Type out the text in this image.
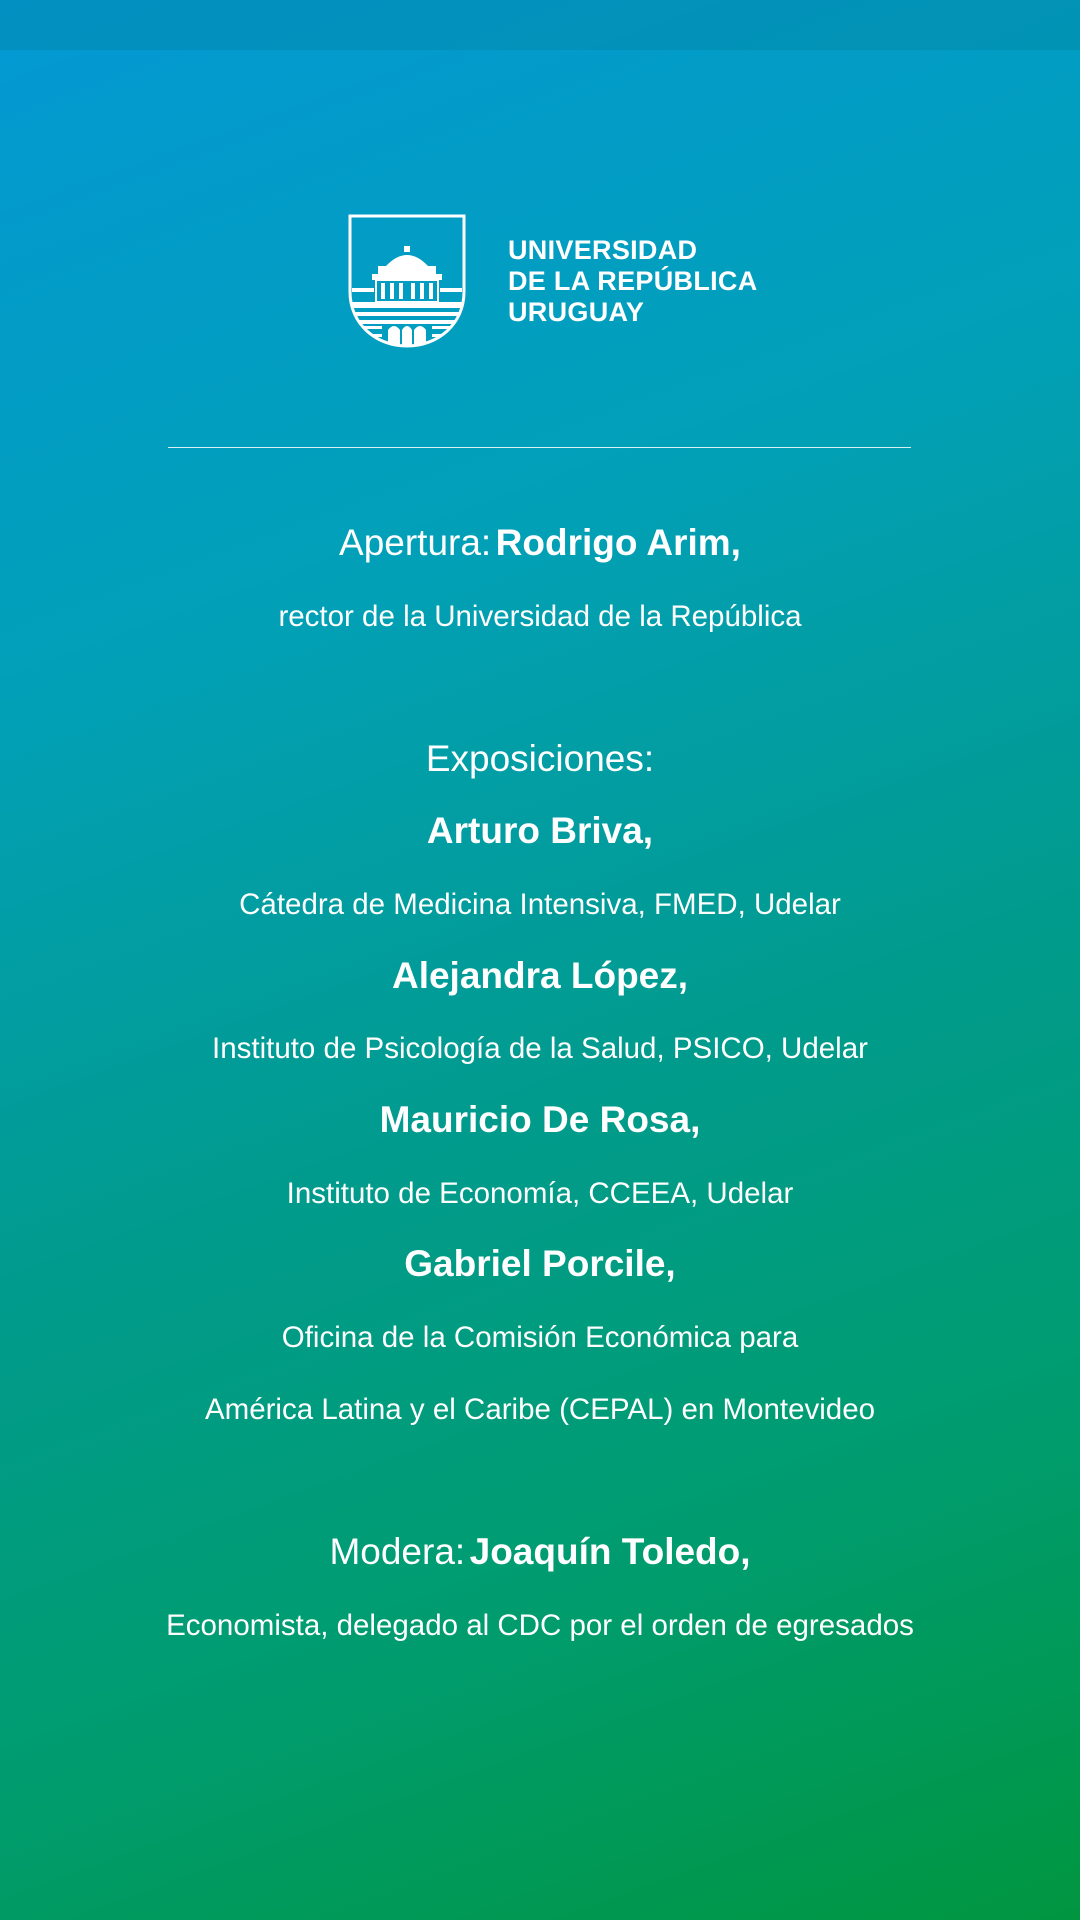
UNIVERSIDAD
DE LA REPÚBLICA
URUGUAY
Apertura: Rodrigo Arim,
rector de la Universidad de la República
Exposiciones:
Arturo Briva,
Cátedra de Medicina Intensiva, FMED, Udelar
Alejandra López,
Instituto de Psicología de la Salud, PSICO, Udelar
Mauricio De Rosa,
Instituto de Economía, CCEEA, Udelar
Gabriel Porcile,
Oficina de la Comisión Económica para
América Latina y el Caribe (CEPAL) en Montevideo
Modera: Joaquín Toledo,
Economista, delegado al CDC por el orden de egresados
